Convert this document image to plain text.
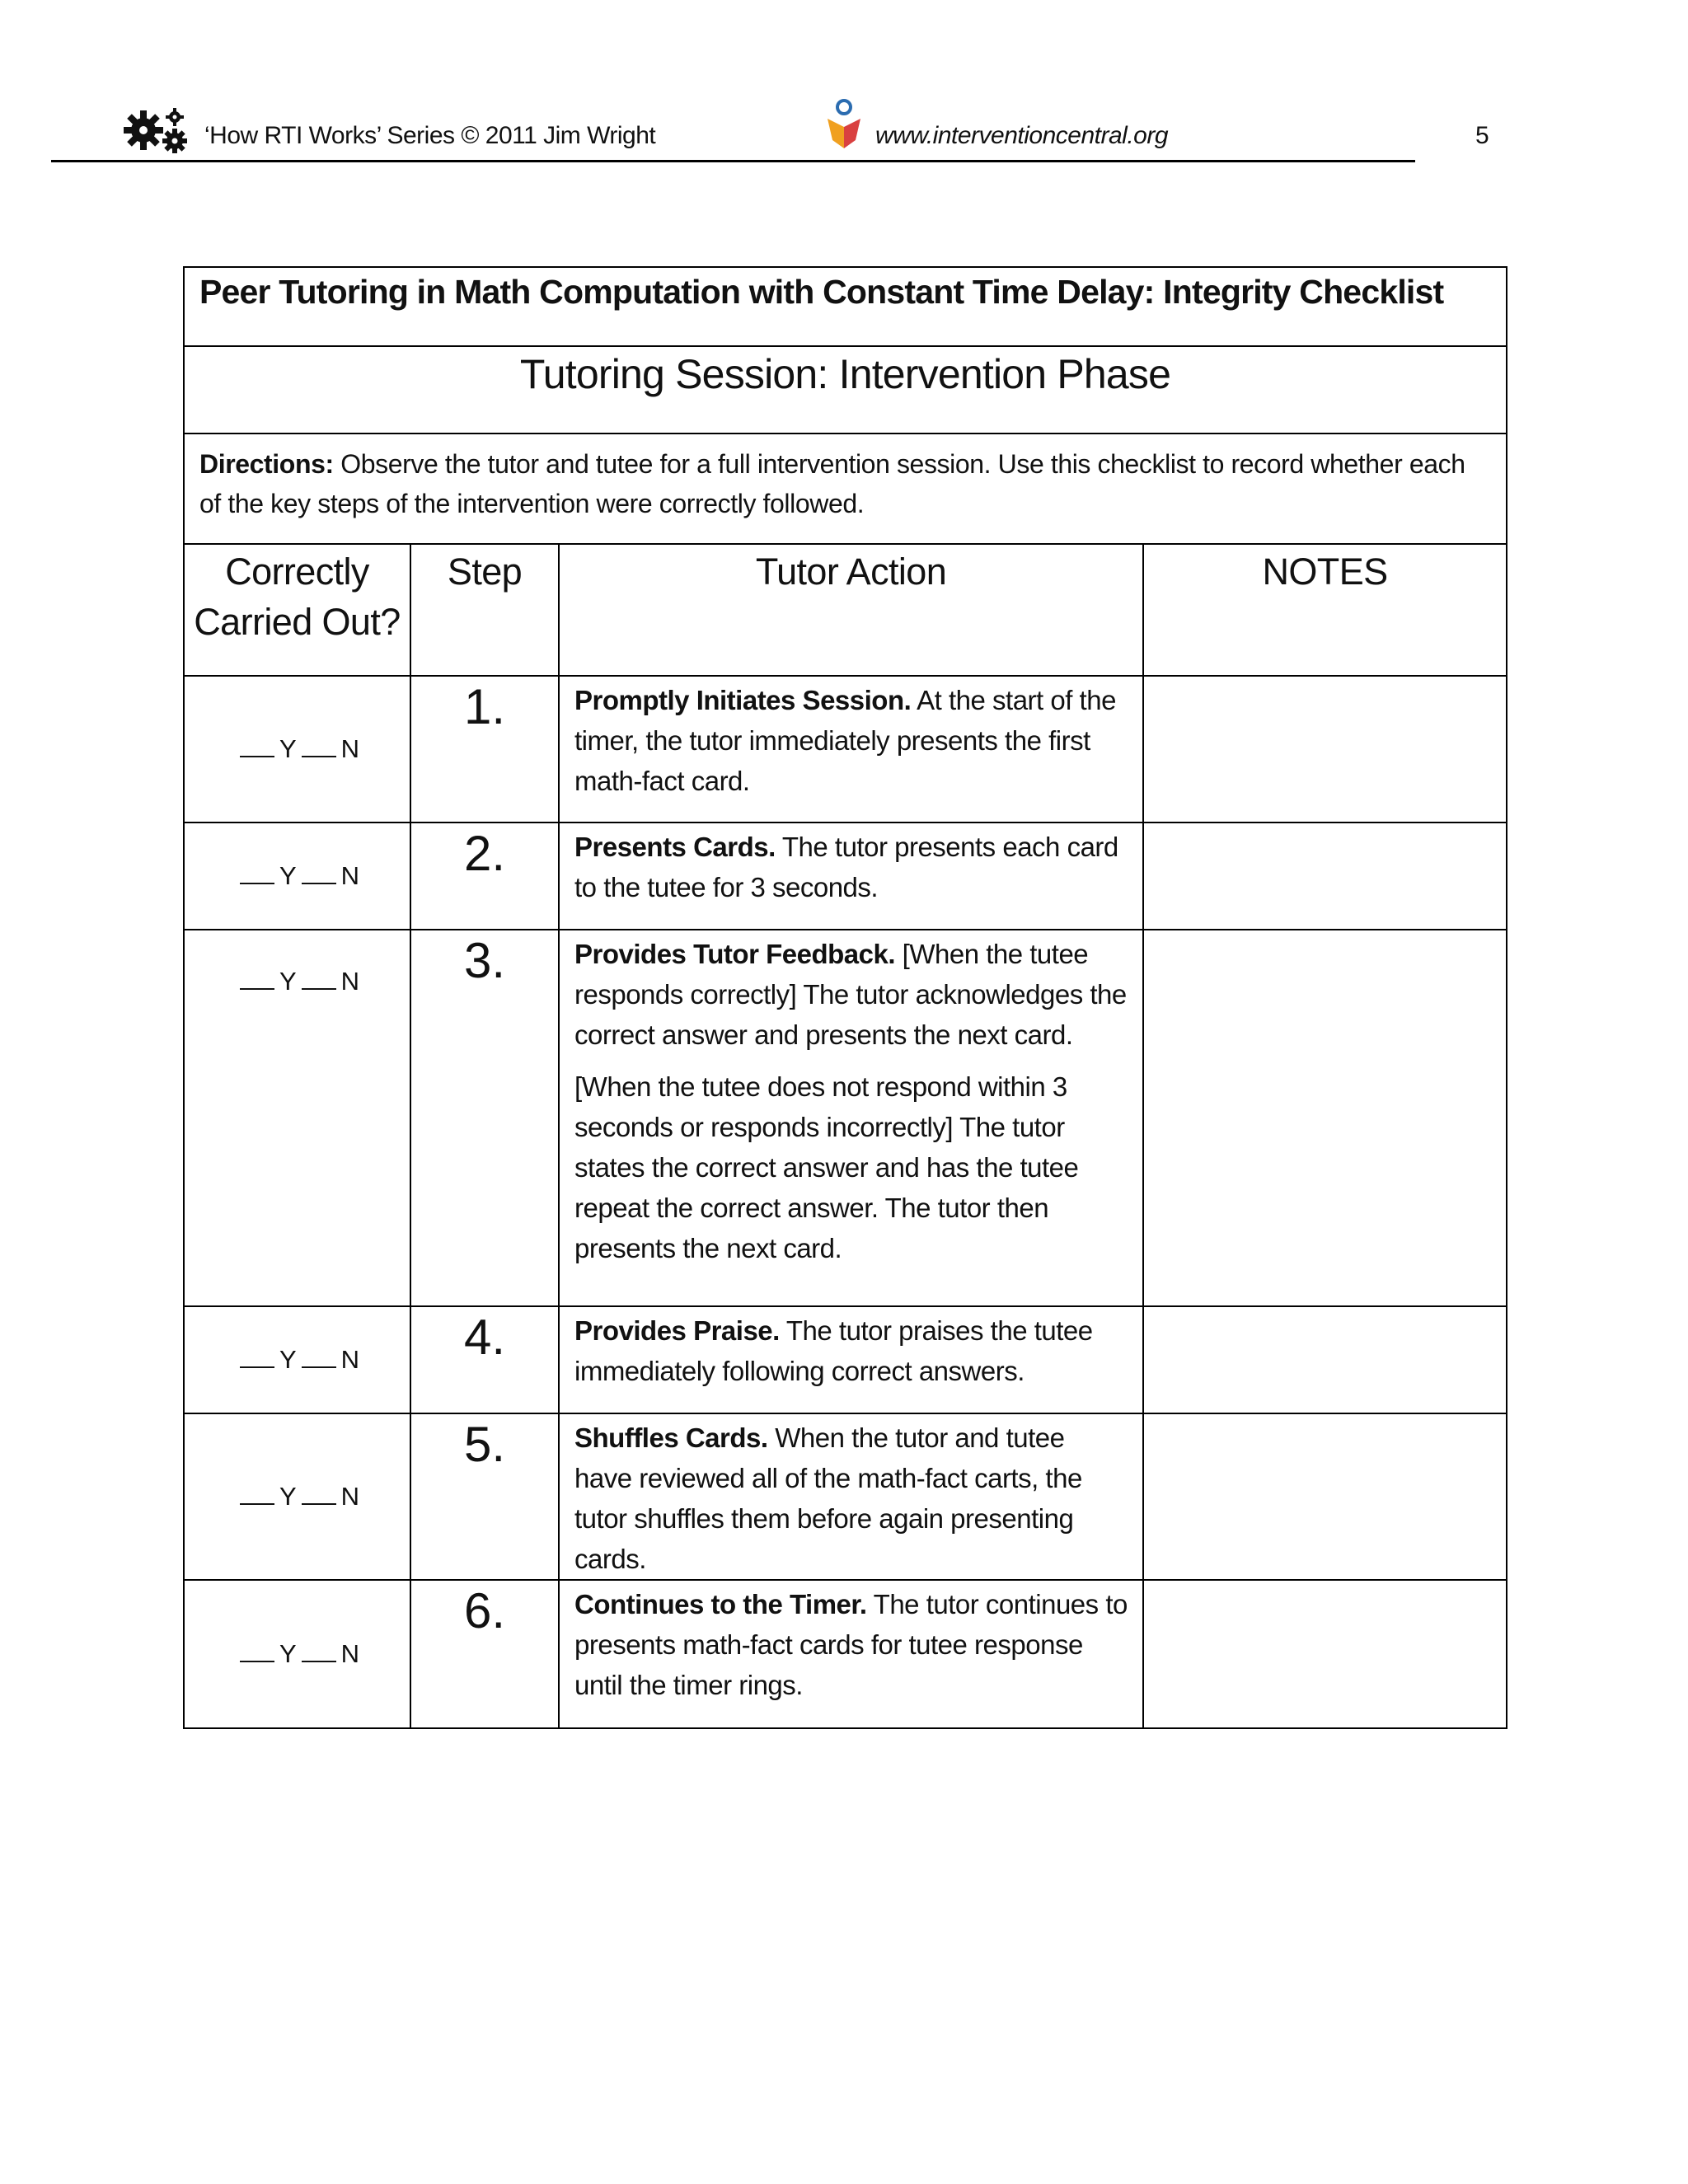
‘How RTI Works’ Series © 2011 Jim Wright	www.interventioncentral.org	5
Peer Tutoring in Math Computation with Constant Time Delay: Integrity Checklist			

Tutoring Session: Intervention Phase			

Directions: Observe the tutor and tutee for a full intervention session. Use this checklist to record whether each of the key steps of the intervention were correctly followed.			

Correctly
Carried Out?	Step	Tutor Action	NOTES

Y N	1.	Promptly Initiates Session. At the start of the timer, the tutor immediately presents the first math-fact card.	

Y N	2.	Presents Cards. The tutor presents each card to the tutee for 3 seconds.	

Y N	3.	Provides Tutor Feedback. [When the tutee responds correctly] The tutor acknowledges the correct answer and presents the next card.

[When the tutee does not respond within 3 seconds or responds incorrectly] The tutor states the correct answer and has the tutee repeat the correct answer. The tutor then presents the next card.	

Y N	4.	Provides Praise. The tutor praises the tutee immediately following correct answers.	

Y N	5.	Shuffles Cards. When the tutor and tutee have reviewed all of the math-fact carts, the tutor shuffles them before again presenting cards.	

Y N	6.	Continues to the Timer. The tutor continues to presents math-fact cards for tutee response until the timer rings.	
